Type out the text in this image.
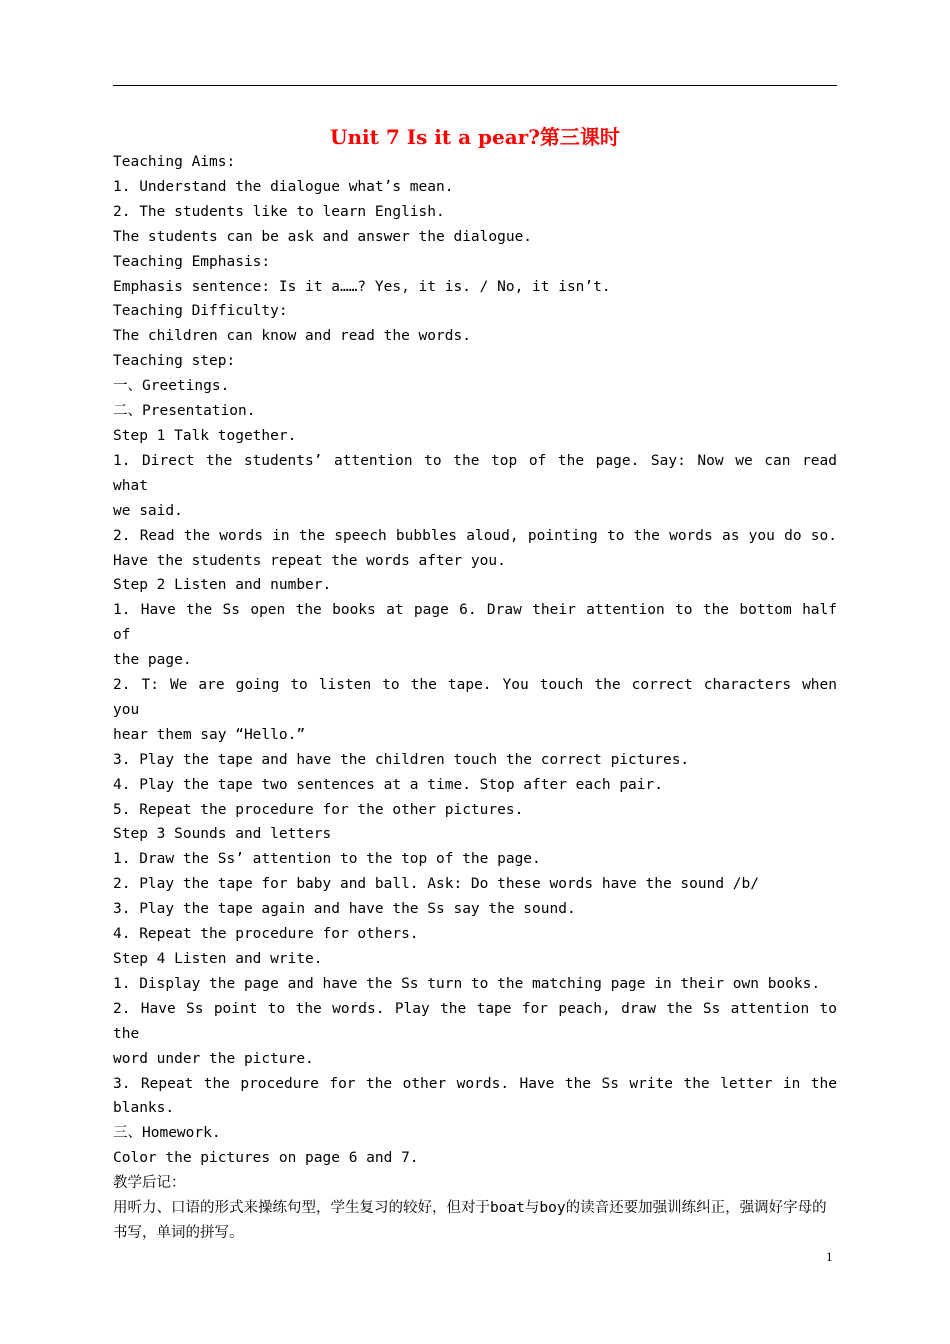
Unit 7 Is it a pear?第三课时

Teaching Aims:

1. Understand the dialogue what’s mean.

2. The students like to learn English.

The students can be ask and answer the dialogue.

Teaching Emphasis:

Emphasis sentence: Is it a……? Yes, it is. / No, it isn’t.

Teaching Difficulty:

The children can know and read the words.

Teaching step:

一、Greetings.

二、Presentation.

Step 1 Talk together.

1. Direct the students’ attention to the top of the page. Say: Now we can read what

we said.

2. Read the words in the speech bubbles aloud, pointing to the words as you do so.

Have the students repeat the words after you.

Step 2 Listen and number.

1. Have the Ss open the books at page 6. Draw their attention to the bottom half of

the page.

2. T: We are going to listen to the tape. You touch the correct characters when you

hear them say “Hello.”

3. Play the tape and have the children touch the correct pictures.

4. Play the tape two sentences at a time. Stop after each pair.

5. Repeat the procedure for the other pictures.

Step 3 Sounds and letters

1. Draw the Ss’ attention to the top of the page.

2. Play the tape for baby and ball. Ask: Do these words have the sound /b/

3. Play the tape again and have the Ss say the sound.

4. Repeat the procedure for others.

Step 4 Listen and write.

1. Display the page and have the Ss turn to the matching page in their own books.

2. Have Ss point to the words. Play the tape for peach, draw the Ss attention to the

word under the picture.

3. Repeat the procedure for the other words. Have the Ss write the letter in the

blanks.

三、Homework.

Color the pictures on page 6 and 7.

教学后记：

用听力、口语的形式来操练句型，学生复习的较好，但对于boat与boy的读音还要加强训练纠正，强调好字母的书写，单词的拼写。

1
